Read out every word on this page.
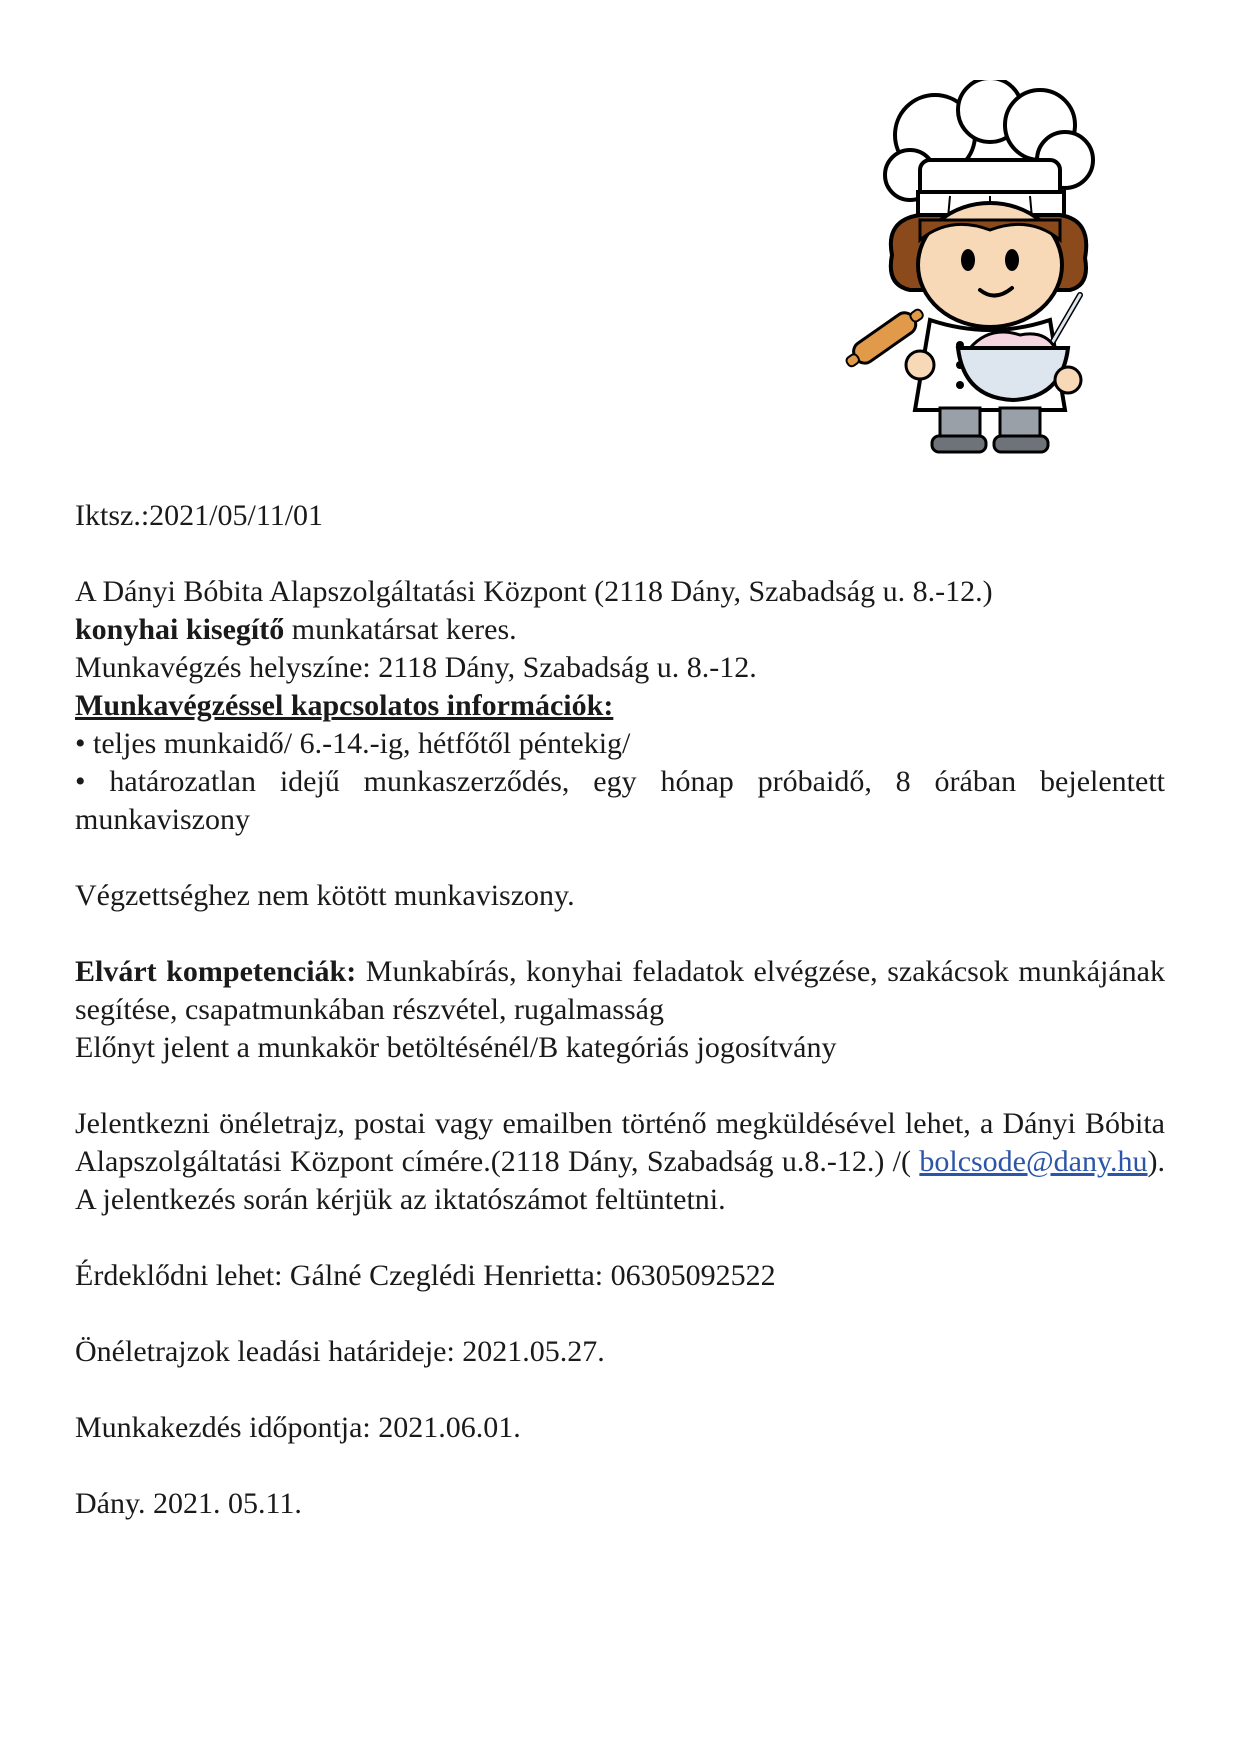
Iktsz.:2021/05/11/01
A Dányi Bóbita Alapszolgáltatási Központ (2118 Dány, Szabadság u. 8.-12.)
konyhai kisegítő munkatársat keres.
Munkavégzés helyszíne: 2118 Dány, Szabadság u. 8.-12.
Munkavégzéssel kapcsolatos információk:
• teljes munkaidő/ 6.-14.-ig, hétfőtől péntekig/
• határozatlan idejű munkaszerződés, egy hónap próbaidő, 8 órában bejelentett munkaviszony
Végzettséghez nem kötött munkaviszony.
Elvárt kompetenciák: Munkabírás, konyhai feladatok elvégzése, szakácsok munkájának segítése, csapatmunkában részvétel, rugalmasság
Előnyt jelent a munkakör betöltésénél/B kategóriás jogosítvány
Jelentkezni önéletrajz, postai vagy emailben történő megküldésével lehet, a Dányi Bóbita Alapszolgáltatási Központ címére.(2118 Dány, Szabadság u.8.-12.) /( bolcsode@dany.hu). A jelentkezés során kérjük az iktatószámot feltüntetni.
Érdeklődni lehet: Gálné Czeglédi Henrietta: 06305092522
Önéletrajzok leadási határideje: 2021.05.27.
Munkakezdés időpontja: 2021.06.01.
Dány. 2021. 05.11.
